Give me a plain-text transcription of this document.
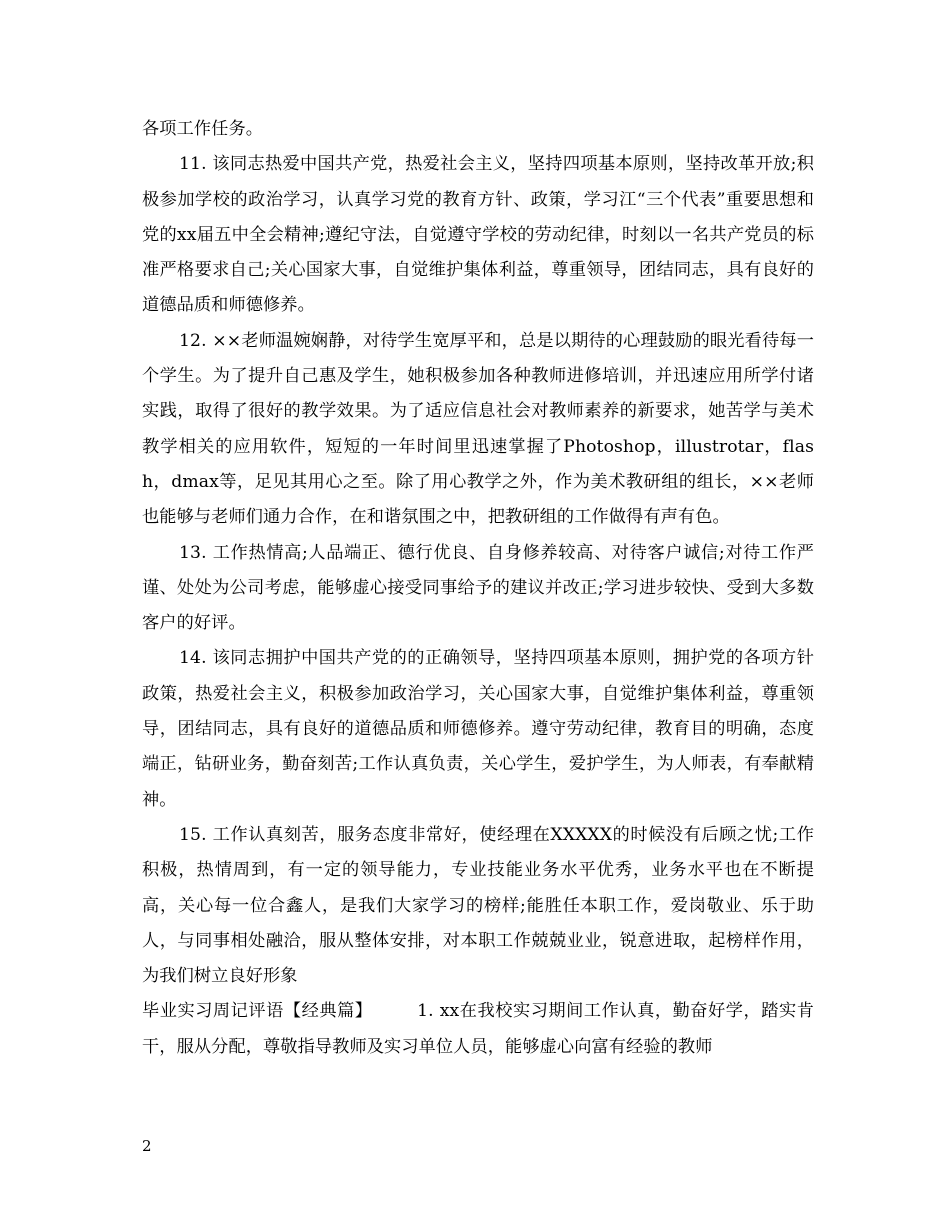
各项工作任务。

11. 该同志热爱中国共产党，热爱社会主义，坚持四项基本原则，坚持改革开放;积极参加学校的政治学习，认真学习党的教育方针、政策，学习江“三个代表”重要思想和党的xx届五中全会精神;遵纪守法，自觉遵守学校的劳动纪律，时刻以一名共产党员的标准严格要求自己;关心国家大事，自觉维护集体利益，尊重领导，团结同志，具有良好的道德品质和师德修养。

12. ××老师温婉娴静，对待学生宽厚平和，总是以期待的心理鼓励的眼光看待每一个学生。为了提升自己惠及学生，她积极参加各种教师进修培训，并迅速应用所学付诸实践，取得了很好的教学效果。为了适应信息社会对教师素养的新要求，她苦学与美术教学相关的应用软件，短短的一年时间里迅速掌握了Photoshop，illustrotar，flash，dmax等，足见其用心之至。除了用心教学之外，作为美术教研组的组长，××老师也能够与老师们通力合作，在和谐氛围之中，把教研组的工作做得有声有色。

13. 工作热情高;人品端正、德行优良、自身修养较高、对待客户诚信;对待工作严谨、处处为公司考虑，能够虚心接受同事给予的建议并改正;学习进步较快、受到大多数客户的好评。

14. 该同志拥护中国共产党的的正确领导，坚持四项基本原则，拥护党的各项方针政策，热爱社会主义，积极参加政治学习，关心国家大事，自觉维护集体利益，尊重领导，团结同志，具有良好的道德品质和师德修养。遵守劳动纪律，教育目的明确，态度端正，钻研业务，勤奋刻苦;工作认真负责，关心学生，爱护学生，为人师表，有奉献精神。

15. 工作认真刻苦，服务态度非常好，使经理在XXXXX的时候没有后顾之忧;工作积极，热情周到，有一定的领导能力，专业技能业务水平优秀，业务水平也在不断提高，关心每一位合鑫人，是我们大家学习的榜样;能胜任本职工作，爱岗敬业、乐于助人，与同事相处融洽，服从整体安排，对本职工作兢兢业业，锐意进取，起榜样作用，为我们树立良好形象

毕业实习周记评语【经典篇】　　　1. xx在我校实习期间工作认真，勤奋好学，踏实肯干，服从分配，尊敬指导教师及实习单位人员，能够虚心向富有经验的教师

2
